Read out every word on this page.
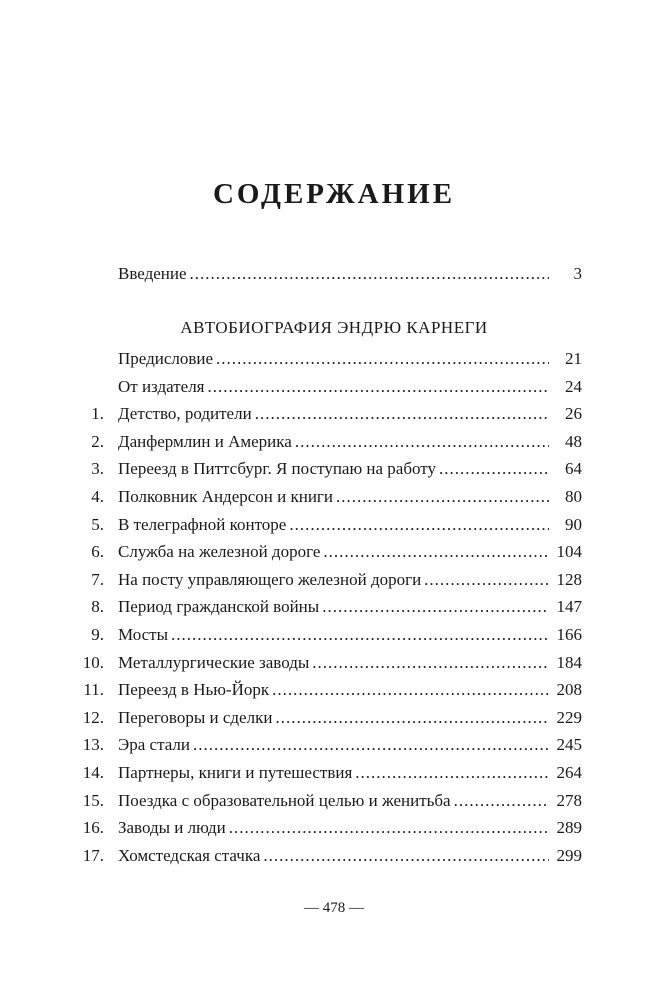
СОДЕРЖАНИЕ
Введение .....	3
АВТОБИОГРАФИЯ ЭНДРЮ КАРНЕГИ
Предисловие .....	21
От издателя .....	24
1. Детство, родители .....	26
2. Данфермлин и Америка .....	48
3. Переезд в Питтсбург. Я поступаю на работу .....	64
4. Полковник Андерсон и книги .....	80
5. В телеграфной конторе .....	90
6. Служба на железной дороге .....	104
7. На посту управляющего железной дороги .....	128
8. Период гражданской войны .....	147
9. Мосты .....	166
10. Металлургические заводы .....	184
11. Переезд в Нью-Йорк .....	208
12. Переговоры и сделки .....	229
13. Эра стали .....	245
14. Партнеры, книги и путешествия .....	264
15. Поездка с образовательной целью и женитьба .....	278
16. Заводы и люди .....	289
17. Хомстедская стачка .....	299
— 478 —
